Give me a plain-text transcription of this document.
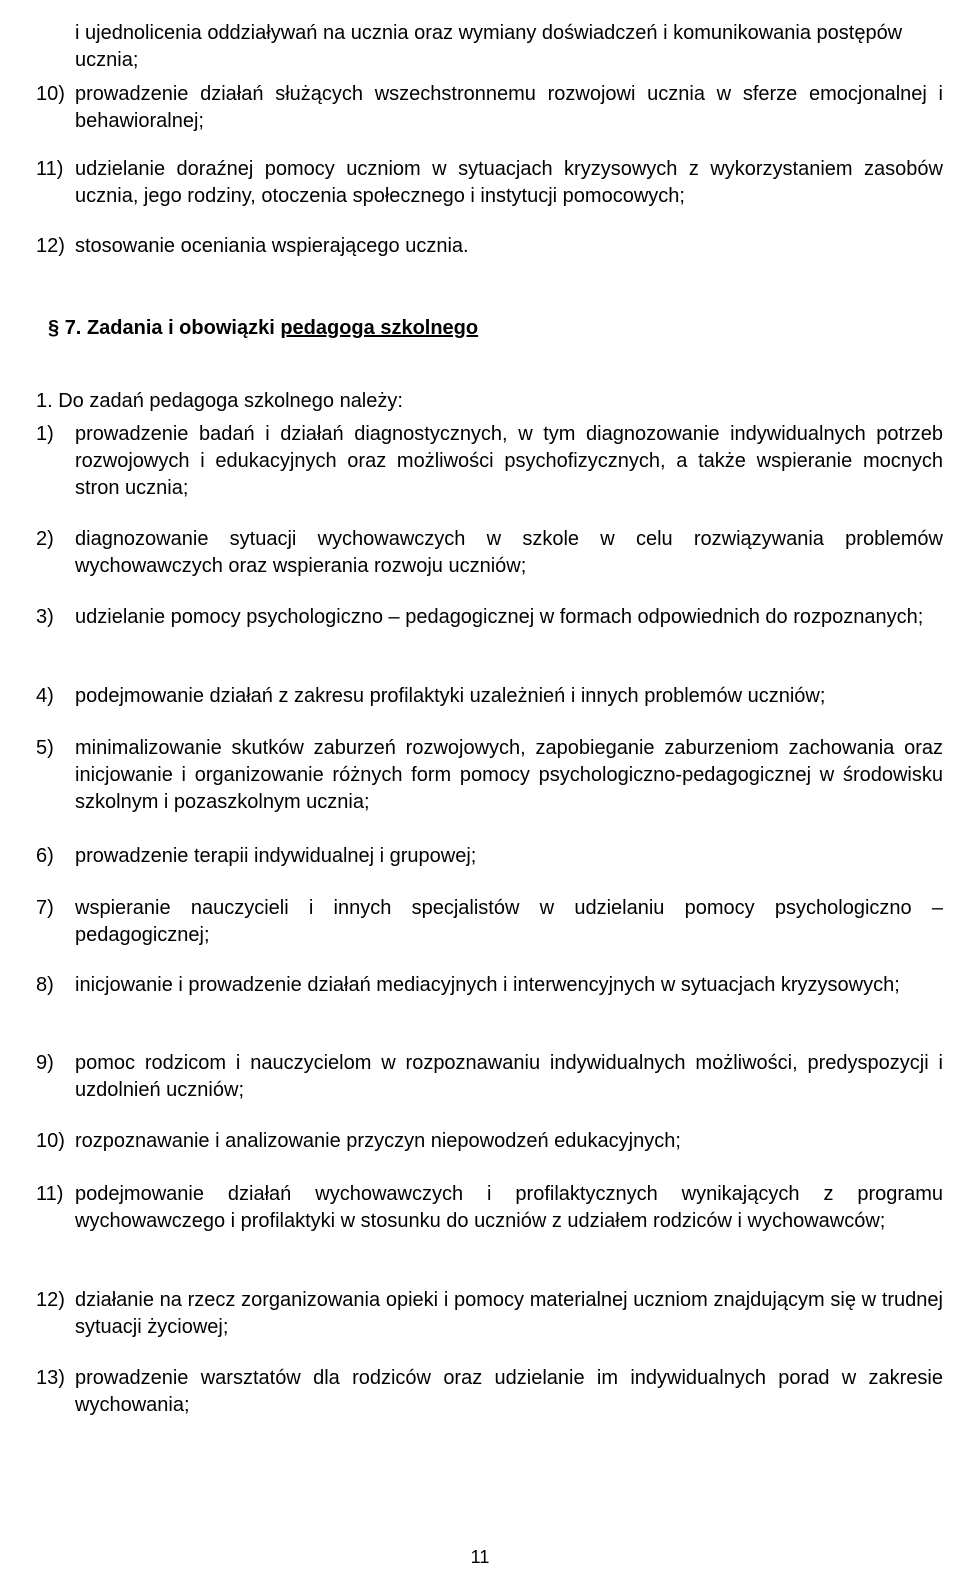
i ujednolicenia oddziaływań na ucznia oraz wymiany doświadczeń i komunikowania postępów ucznia;

10) prowadzenie działań służących wszechstronnemu rozwojowi ucznia w sferze emocjonalnej i behawioralnej;
11) udzielanie doraźnej pomocy uczniom w sytuacjach kryzysowych z wykorzystaniem zasobów ucznia, jego rodziny, otoczenia społecznego i instytucji pomocowych;
12) stosowanie oceniania wspierającego ucznia.
§ 7. Zadania i obowiązki pedagoga szkolnego

1. Do zadań pedagoga szkolnego należy:

1)	prowadzenie badań i działań diagnostycznych, w tym diagnozowanie indywidualnych potrzeb rozwojowych i edukacyjnych oraz możliwości psychofizycznych, a także wspieranie mocnych stron ucznia;
2)	diagnozowanie sytuacji wychowawczych w szkole w celu rozwiązywania problemów wychowawczych oraz wspierania rozwoju uczniów;
3)	udzielanie pomocy psychologiczno – pedagogicznej w formach odpowiednich do rozpoznanych;
4)	podejmowanie działań z zakresu profilaktyki uzależnień i innych problemów uczniów;
5)	minimalizowanie skutków zaburzeń rozwojowych, zapobieganie zaburzeniom zachowania oraz inicjowanie i organizowanie różnych form pomocy psychologiczno-pedagogicznej w środowisku szkolnym i pozaszkolnym ucznia;
6)	prowadzenie terapii indywidualnej i grupowej;
7)	wspieranie nauczycieli i innych specjalistów w udzielaniu pomocy psychologiczno – pedagogicznej;
8)	inicjowanie i prowadzenie działań mediacyjnych i interwencyjnych w sytuacjach kryzysowych;
9)	pomoc rodzicom i nauczycielom w rozpoznawaniu indywidualnych możliwości, predyspozycji i uzdolnień uczniów;
10) rozpoznawanie i analizowanie przyczyn niepowodzeń edukacyjnych;
11) podejmowanie działań wychowawczych i profilaktycznych wynikających z programu wychowawczego i profilaktyki w stosunku do uczniów z udziałem rodziców i wychowawców;
12) działanie na rzecz zorganizowania opieki i pomocy materialnej uczniom znajdującym się w trudnej sytuacji życiowej;
13) prowadzenie warsztatów dla rodziców oraz udzielanie im indywidualnych porad w zakresie wychowania;
11
